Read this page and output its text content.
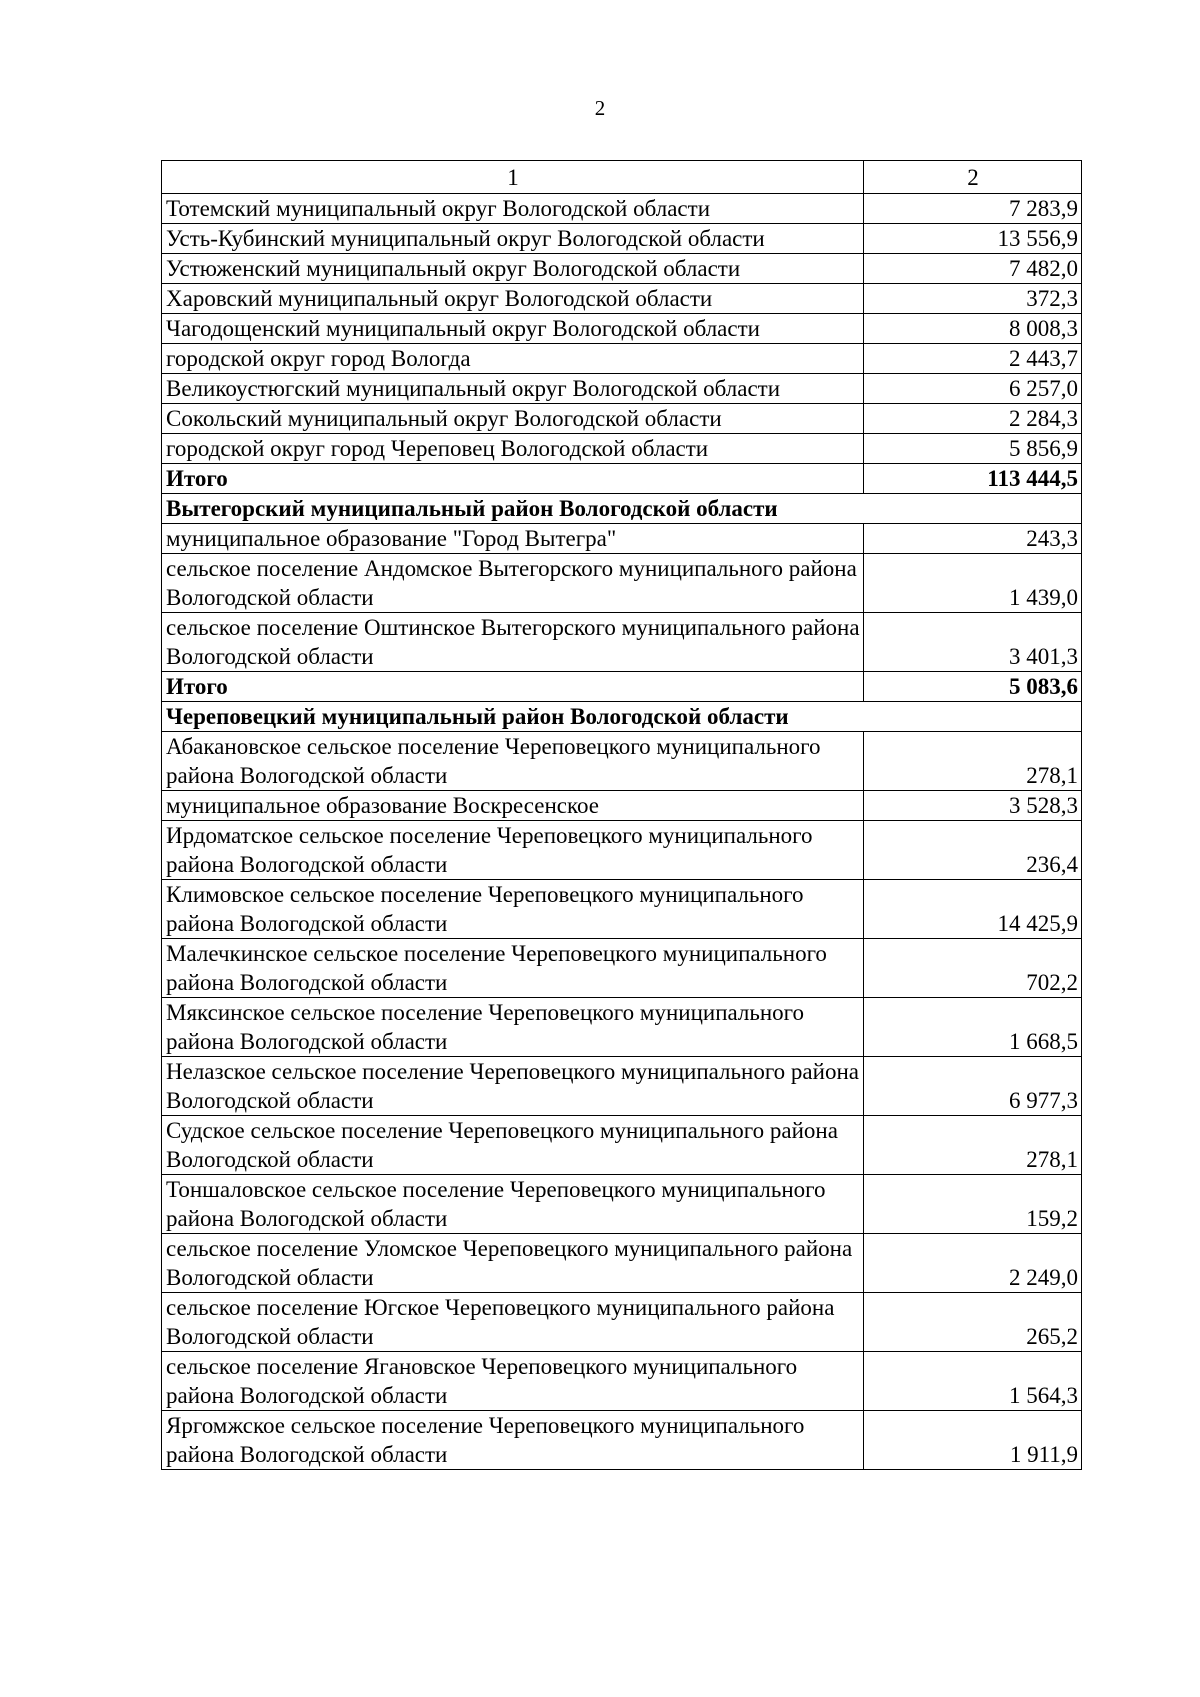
2
1	2
Тотемский муниципальный округ Вологодской области	7 283,9
Усть-Кубинский муниципальный округ Вологодской области	13 556,9
Устюженский муниципальный округ Вологодской области	7 482,0
Харовский муниципальный округ Вологодской области	372,3
Чагодощенский муниципальный округ Вологодской области	8 008,3
городской округ город Вологда	2 443,7
Великоустюгский муниципальный округ Вологодской области	6 257,0
Сокольский муниципальный округ Вологодской области	2 284,3
городской округ город Череповец Вологодской области	5 856,9
Итого	113 444,5
Вытегорский муниципальный район Вологодской области	
муниципальное образование "Город Вытегра"	243,3
сельское поселение Андомское Вытегорского муниципального района Вологодской области	1 439,0
сельское поселение Оштинское Вытегорского муниципального района Вологодской области	3 401,3
Итого	5 083,6
Череповецкий муниципальный район Вологодской области	
Абакановское сельское поселение Череповецкого муниципального района Вологодской области	278,1
муниципальное образование Воскресенское	3 528,3
Ирдоматское сельское поселение Череповецкого муниципального района Вологодской области	236,4
Климовское сельское поселение Череповецкого муниципального района Вологодской области	14 425,9
Малечкинское сельское поселение Череповецкого муниципального района Вологодской области	702,2
Мяксинское сельское поселение Череповецкого муниципального района Вологодской области	1 668,5
Нелазское сельское поселение Череповецкого муниципального района Вологодской области	6 977,3
Судское сельское поселение Череповецкого муниципального района Вологодской области	278,1
Тоншаловское сельское поселение Череповецкого муниципального района Вологодской области	159,2
сельское поселение Уломское Череповецкого муниципального района Вологодской области	2 249,0
сельское поселение Югское Череповецкого муниципального района Вологодской области	265,2
сельское поселение Ягановское Череповецкого муниципального района Вологодской области	1 564,3
Яргомжское сельское поселение Череповецкого муниципального района Вологодской области	1 911,9
